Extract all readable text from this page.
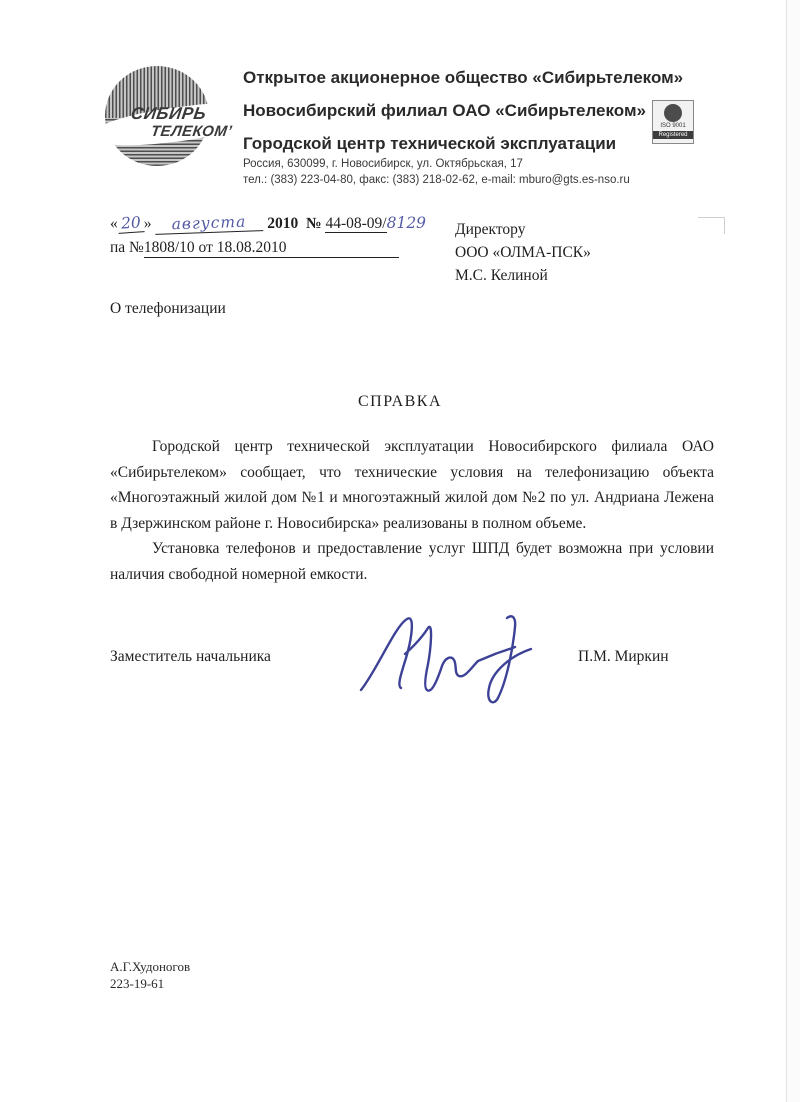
СИБИРЬ
ТЕЛЕКОМ’

Открытое акционерное общество «Сибирьтелеком»

Новосибирский филиал ОАО «Сибирьтелеком»

Городской центр технической эксплуатации

Россия, 630099, г. Новосибирск, ул. Октябрьская, 17

тел.: (383) 223-04-80, факс: (383) 218-02-62, e-mail: mburo@gts.es-nso.ru

ISO 9001
Registered
« 20 » августа 2010 № 44-08-09/8129
па №1808/10 от 18.08.2010
Директору
ООО «ОЛМА-ПСК»
М.С. Келиной
О телефонизации
СПРАВКА

Городской центр технической эксплуатации Новосибирского филиала ОАО «Сибирьтелеком» сообщает, что технические условия на телефонизацию объекта «Многоэтажный жилой дом №1 и многоэтажный жилой дом №2 по ул. Андриана Лежена в Дзержинском районе г. Новосибирска» реализованы в полном объеме.

Установка телефонов и предоставление услуг ШПД будет возможна при условии наличия свободной номерной емкости.

Заместитель начальника	П.М. Миркин
А.Г.Худоногов
223-19-61
